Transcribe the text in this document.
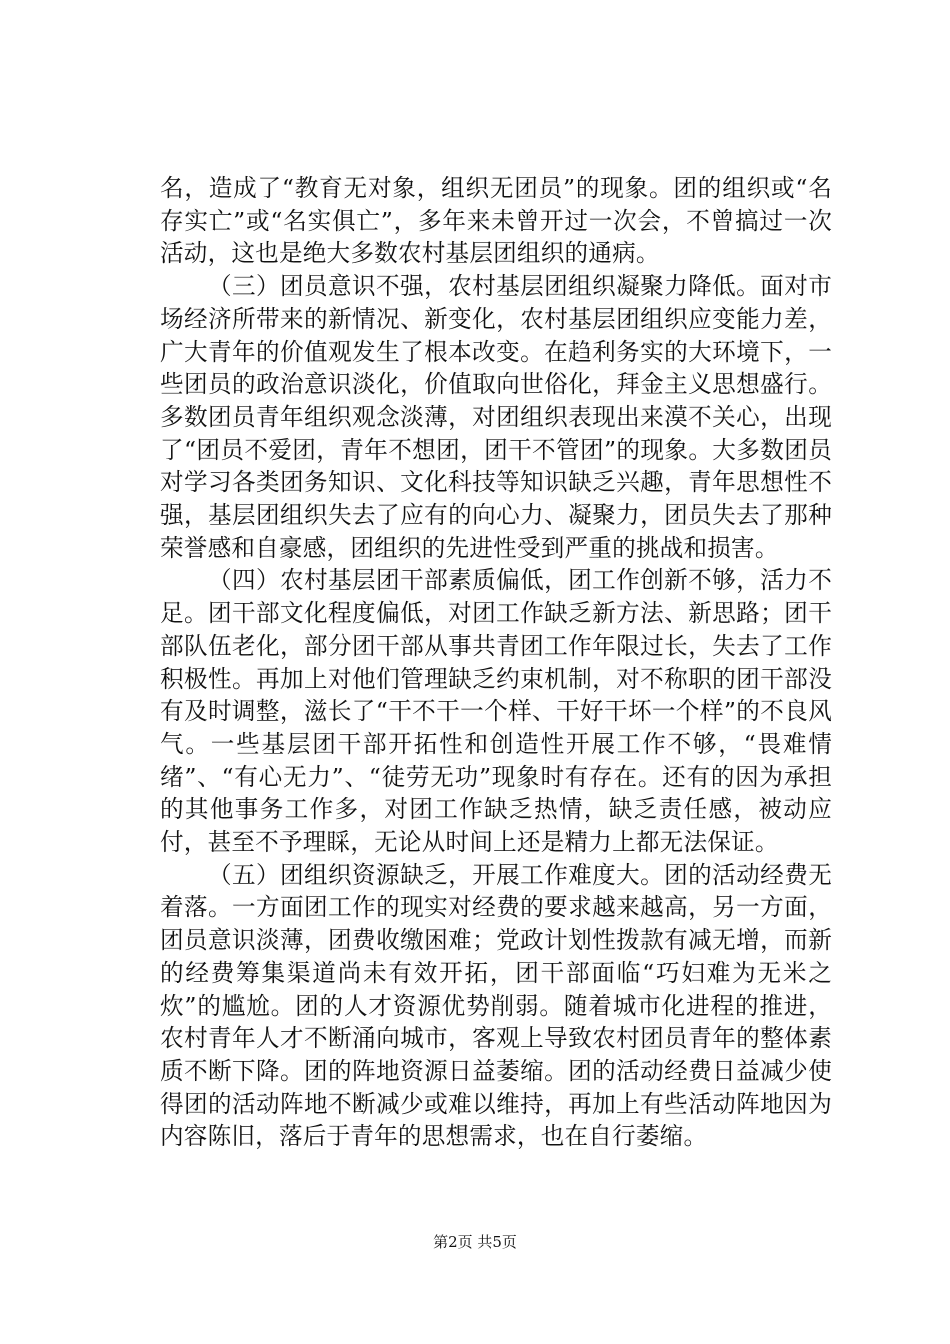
名，造成了“教育无对象，组织无团员”的现象。团的组织或“名存实亡”或“名实俱亡”，多年来未曾开过一次会，不曾搞过一次活动，这也是绝大多数农村基层团组织的通病。

（三）团员意识不强，农村基层团组织凝聚力降低。面对市场经济所带来的新情况、新变化，农村基层团组织应变能力差，广大青年的价值观发生了根本改变。在趋利务实的大环境下，一些团员的政治意识淡化，价值取向世俗化，拜金主义思想盛行。多数团员青年组织观念淡薄，对团组织表现出来漠不关心，出现了“团员不爱团，青年不想团，团干不管团”的现象。大多数团员对学习各类团务知识、文化科技等知识缺乏兴趣，青年思想性不强，基层团组织失去了应有的向心力、凝聚力，团员失去了那种荣誉感和自豪感，团组织的先进性受到严重的挑战和损害。

（四）农村基层团干部素质偏低，团工作创新不够，活力不足。团干部文化程度偏低，对团工作缺乏新方法、新思路；团干部队伍老化，部分团干部从事共青团工作年限过长，失去了工作积极性。再加上对他们管理缺乏约束机制，对不称职的团干部没有及时调整，滋长了“干不干一个样、干好干坏一个样”的不良风气。一些基层团干部开拓性和创造性开展工作不够，“畏难情绪”、“有心无力”、“徒劳无功”现象时有存在。还有的因为承担的其他事务工作多，对团工作缺乏热情，缺乏责任感，被动应付，甚至不予理睬，无论从时间上还是精力上都无法保证。

（五）团组织资源缺乏，开展工作难度大。团的活动经费无着落。一方面团工作的现实对经费的要求越来越高，另一方面，团员意识淡薄，团费收缴困难；党政计划性拨款有减无增，而新的经费筹集渠道尚未有效开拓，团干部面临“巧妇难为无米之炊”的尴尬。团的人才资源优势削弱。随着城市化进程的推进，农村青年人才不断涌向城市，客观上导致农村团员青年的整体素质不断下降。团的阵地资源日益萎缩。团的活动经费日益减少使得团的活动阵地不断减少或难以维持，再加上有些活动阵地因为内容陈旧，落后于青年的思想需求，也在自行萎缩。

第2页 共5页
